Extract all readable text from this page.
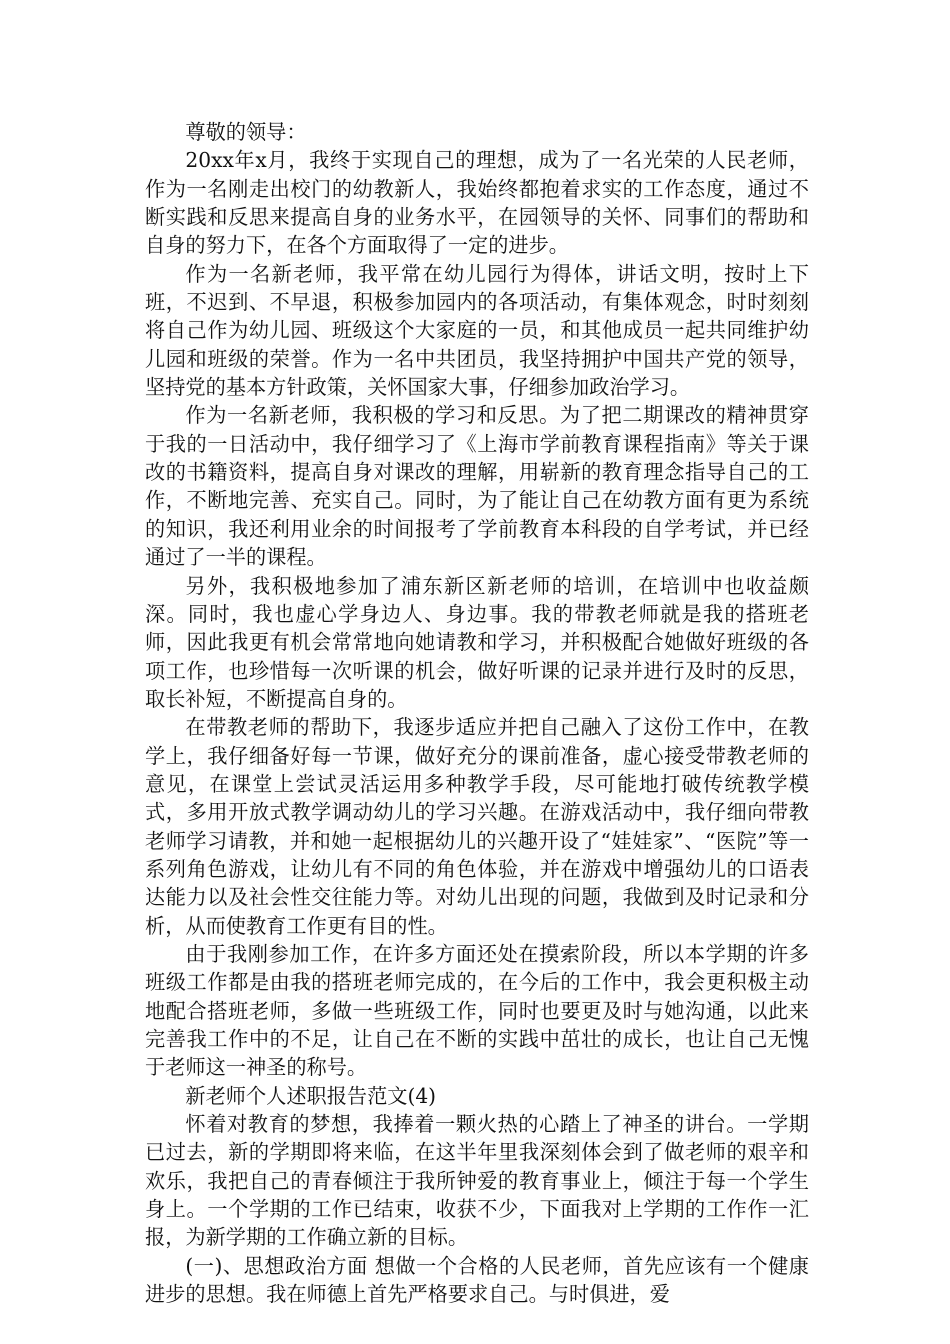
尊敬的领导：

20xx年x月，我终于实现自己的理想，成为了一名光荣的人民老师，作为一名刚走出校门的幼教新人，我始终都抱着求实的工作态度，通过不断实践和反思来提高自身的业务水平，在园领导的关怀、同事们的帮助和自身的努力下，在各个方面取得了一定的进步。

作为一名新老师，我平常在幼儿园行为得体，讲话文明，按时上下班，不迟到、不早退，积极参加园内的各项活动，有集体观念，时时刻刻将自己作为幼儿园、班级这个大家庭的一员，和其他成员一起共同维护幼儿园和班级的荣誉。作为一名中共团员，我坚持拥护中国共产党的领导，坚持党的基本方针政策，关怀国家大事，仔细参加政治学习。

作为一名新老师，我积极的学习和反思。为了把二期课改的精神贯穿于我的一日活动中，我仔细学习了《上海市学前教育课程指南》等关于课改的书籍资料，提高自身对课改的理解，用崭新的教育理念指导自己的工作，不断地完善、充实自己。同时，为了能让自己在幼教方面有更为系统的知识，我还利用业余的时间报考了学前教育本科段的自学考试，并已经通过了一半的课程。

另外，我积极地参加了浦东新区新老师的培训，在培训中也收益颇深。同时，我也虚心学身边人、身边事。我的带教老师就是我的搭班老师，因此我更有机会常常地向她请教和学习，并积极配合她做好班级的各项工作，也珍惜每一次听课的机会，做好听课的记录并进行及时的反思，取长补短，不断提高自身的。

在带教老师的帮助下，我逐步适应并把自己融入了这份工作中，在教学上，我仔细备好每一节课，做好充分的课前准备，虚心接受带教老师的意见，在课堂上尝试灵活运用多种教学手段，尽可能地打破传统教学模式，多用开放式教学调动幼儿的学习兴趣。在游戏活动中，我仔细向带教老师学习请教，并和她一起根据幼儿的兴趣开设了“娃娃家”、“医院”等一系列角色游戏，让幼儿有不同的角色体验，并在游戏中增强幼儿的口语表达能力以及社会性交往能力等。对幼儿出现的问题，我做到及时记录和分析，从而使教育工作更有目的性。

由于我刚参加工作，在许多方面还处在摸索阶段，所以本学期的许多班级工作都是由我的搭班老师完成的，在今后的工作中，我会更积极主动地配合搭班老师，多做一些班级工作，同时也要更及时与她沟通，以此来完善我工作中的不足，让自己在不断的实践中茁壮的成长，也让自己无愧于老师这一神圣的称号。

新老师个人述职报告范文(4)

怀着对教育的梦想，我捧着一颗火热的心踏上了神圣的讲台。一学期已过去，新的学期即将来临，在这半年里我深刻体会到了做老师的艰辛和欢乐，我把自己的青春倾注于我所钟爱的教育事业上，倾注于每一个学生身上。一个学期的工作已结束，收获不少，下面我对上学期的工作作一汇报，为新学期的工作确立新的目标。

(一)、思想政治方面 想做一个合格的人民老师，首先应该有一个健康进步的思想。我在师德上首先严格要求自己。与时俱进，爱
